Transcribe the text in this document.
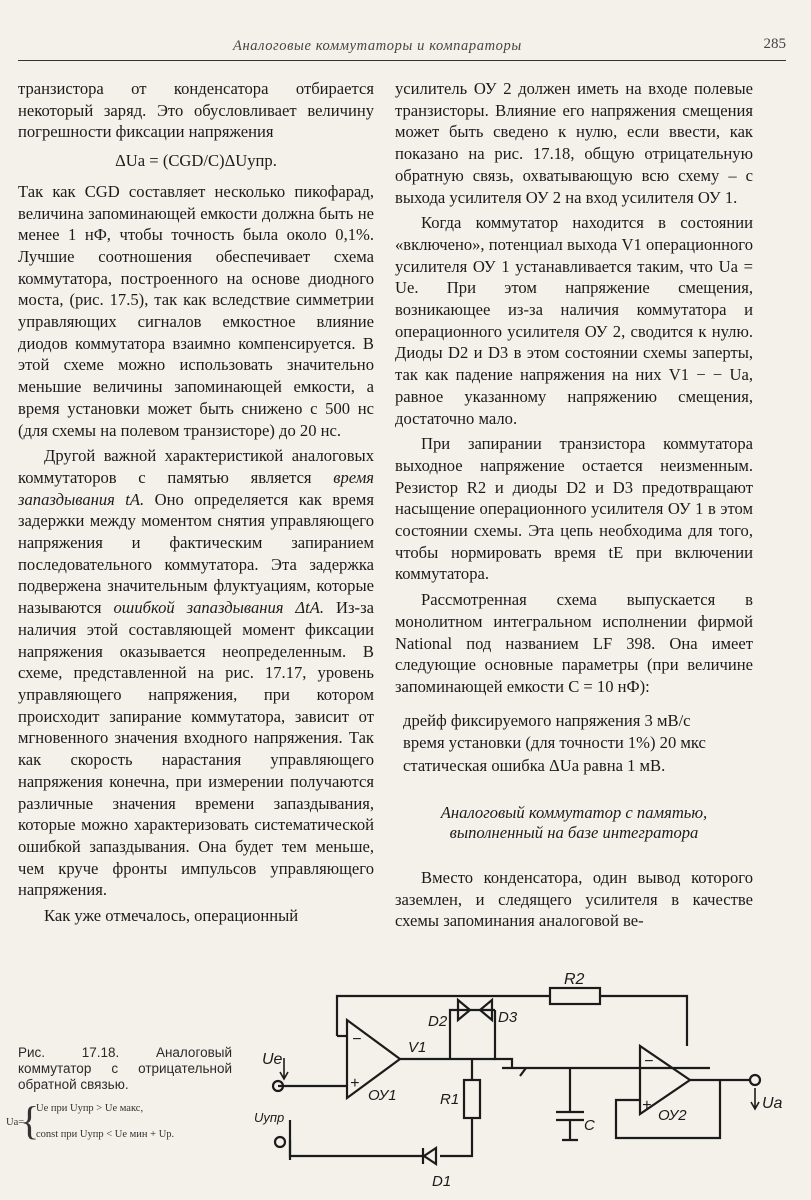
Аналоговые коммутаторы и компараторы	285

транзистора от конденсатора отбирается некоторый заряд. Это обусловливает величину погрешности фиксации напряжения

ΔUa = (CGD/C)ΔUупр.

Так как CGD составляет несколько пикофарад, величина запоминающей емкости должна быть не менее 1 нФ, чтобы точность была около 0,1%. Лучшие соотношения обеспечивает схема коммутатора, построенного на основе диодного моста, (рис. 17.5), так как вследствие симметрии управляющих сигналов емкостное влияние диодов коммутатора взаимно компенсируется. В этой схеме можно использовать значительно меньшие величины запоминающей емкости, а время установки может быть снижено с 500 нс (для схемы на полевом транзисторе) до 20 нс.

Другой важной характеристикой аналоговых коммутаторов с памятью является время запаздывания tA. Оно определяется как время задержки между моментом снятия управляющего напряжения и фактическим запиранием последовательного коммутатора. Эта задержка подвержена значительным флуктуациям, которые называются ошибкой запаздывания ΔtA. Из-за наличия этой составляющей момент фиксации напряжения оказывается неопределенным. В схеме, представленной на рис. 17.17, уровень управляющего напряжения, при котором происходит запирание коммутатора, зависит от мгновенного значения входного напряжения. Так как скорость нарастания управляющего напряжения конечна, при измерении получаются различные значения времени запаздывания, которые можно характеризовать систематической ошибкой запаздывания. Она будет тем меньше, чем круче фронты импульсов управляющего напряжения.

Как уже отмечалось, операционный

усилитель ОУ 2 должен иметь на входе полевые транзисторы. Влияние его напряжения смещения может быть сведено к нулю, если ввести, как показано на рис. 17.18, общую отрицательную обратную связь, охватывающую всю схему – с выхода усилителя ОУ 2 на вход усилителя ОУ 1.

Когда коммутатор находится в состоянии «включено», потенциал выхода V1 операционного усилителя ОУ 1 устанавливается таким, что Ua = Ue. При этом напряжение смещения, возникающее из-за наличия коммутатора и операционного усилителя ОУ 2, сводится к нулю. Диоды D2 и D3 в этом состоянии схемы заперты, так как падение напряжения на них V1 − − Ua, равное указанному напряжению смещения, достаточно мало.

При запирании транзистора коммутатора выходное напряжение остается неизменным. Резистор R2 и диоды D2 и D3 предотвращают насыщение операционного усилителя ОУ 1 в этом состоянии схемы. Эта цепь необходима для того, чтобы нормировать время tE при включении коммутатора.

Рассмотренная схема выпускается в монолитном интегральном исполнении фирмой National под названием LF 398. Она имеет следующие основные параметры (при величине запоминающей емкости C = 10 нФ):

дрейф фиксируемого напряжения 3 мВ/с
время установки (для точности 1%) 20 мкс
статическая ошибка ΔUa равна 1 мВ.
Аналоговый коммутатор с памятью,
выполненный на базе интегратора

Вместо конденсатора, один вывод которого заземлен, и следящего усилителя в качестве схемы запоминания аналоговой ве-

Рис. 17.18. Аналоговый коммутатор с отрицательной обратной связью.
Ua=
{
Ue при Uупр > Ue макс,
const при Uупр < Ue мин + Up.
R2
Ue
−
+
ОУ1
V1
D2	D3
R1
D1
Uупр	C
−
+
ОУ2
Ua
